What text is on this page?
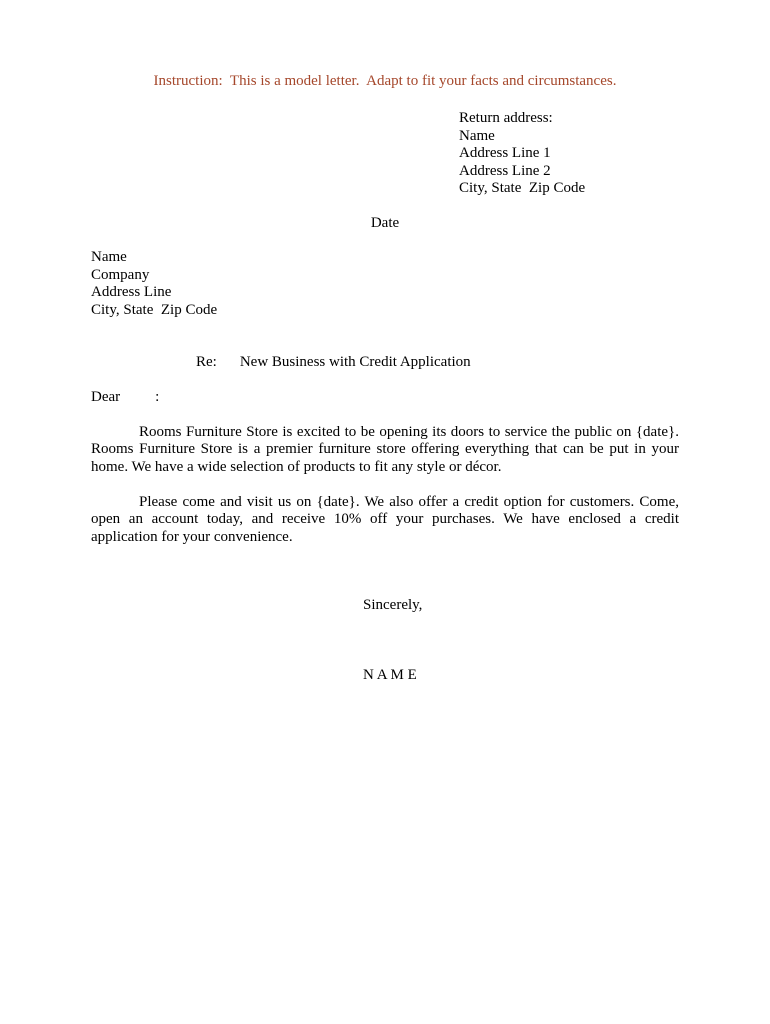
Instruction:  This is a model letter.  Adapt to fit your facts and circumstances.
Return address:
Name
Address Line 1
Address Line 2
City, State  Zip Code
Date
Name
Company
Address Line
City, State  Zip Code

Re: New Business with Credit Application

Dear :
Rooms Furniture Store is excited to be opening its doors to service the public on {date}. Rooms Furniture Store is a premier furniture store offering everything that can be put in your home. We have a wide selection of products to fit any style or décor.
Please come and visit us on {date}. We also offer a credit option for customers. Come, open an account today, and receive 10% off your purchases. We have enclosed a credit application for your convenience.
Sincerely,
N A M E
